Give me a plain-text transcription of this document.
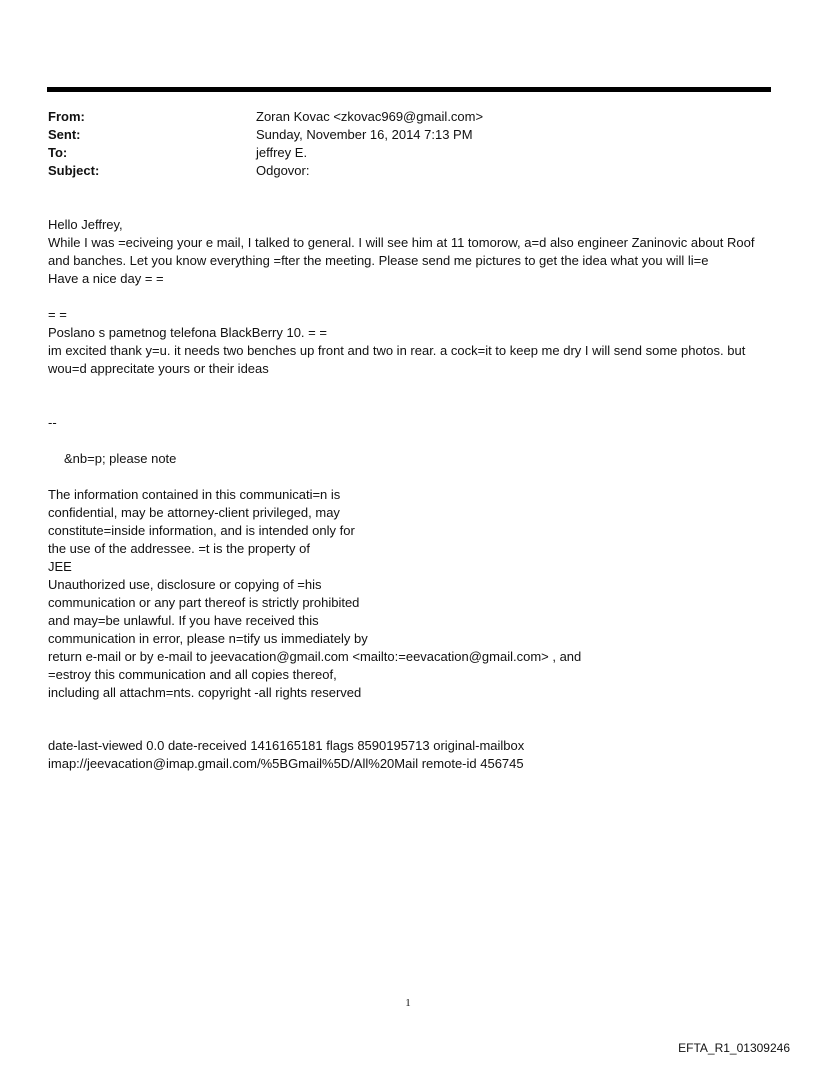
From:	Zoran Kovac <zkovac969@gmail.com>
Sent:	Sunday, November 16, 2014 7:13 PM
To:	jeffrey E.
Subject:	Odgovor:
Hello Jeffrey,
While I was =eciveing your e mail, I talked to general. I will see him at 11 tomorow, a=d also engineer Zaninovic about Roof and banches. Let you know everything =fter the meeting. Please send me pictures to get the idea what you will li=e
Have a nice day = =
= =
Poslano s pametnog telefona BlackBerry 10. = =
im excited thank y=u. it needs two benches up front and two in rear. a cock=it to keep me dry I will send some photos. but wou=d apprecitate yours or their ideas
--
&nb=p; please note
The information contained in this communicati=n is
confidential, may be attorney-client privileged, may
constitute=inside information, and is intended only for
the use of the addressee. =t is the property of
JEE
Unauthorized use, disclosure or copying of =his
communication or any part thereof is strictly prohibited
and may=be unlawful. If you have received this
communication in error, please n=tify us immediately by
return e-mail or by e-mail to jeevacation@gmail.com <mailto:=eevacation@gmail.com> , and
=estroy this communication and all copies thereof,
including all attachm=nts. copyright -all rights reserved
date-last-viewed 0.0 date-received 1416165181 flags 8590195713 original-mailbox
imap://jeevacation@imap.gmail.com/%5BGmail%5D/All%20Mail remote-id 456745
1
EFTA_R1_01309246
